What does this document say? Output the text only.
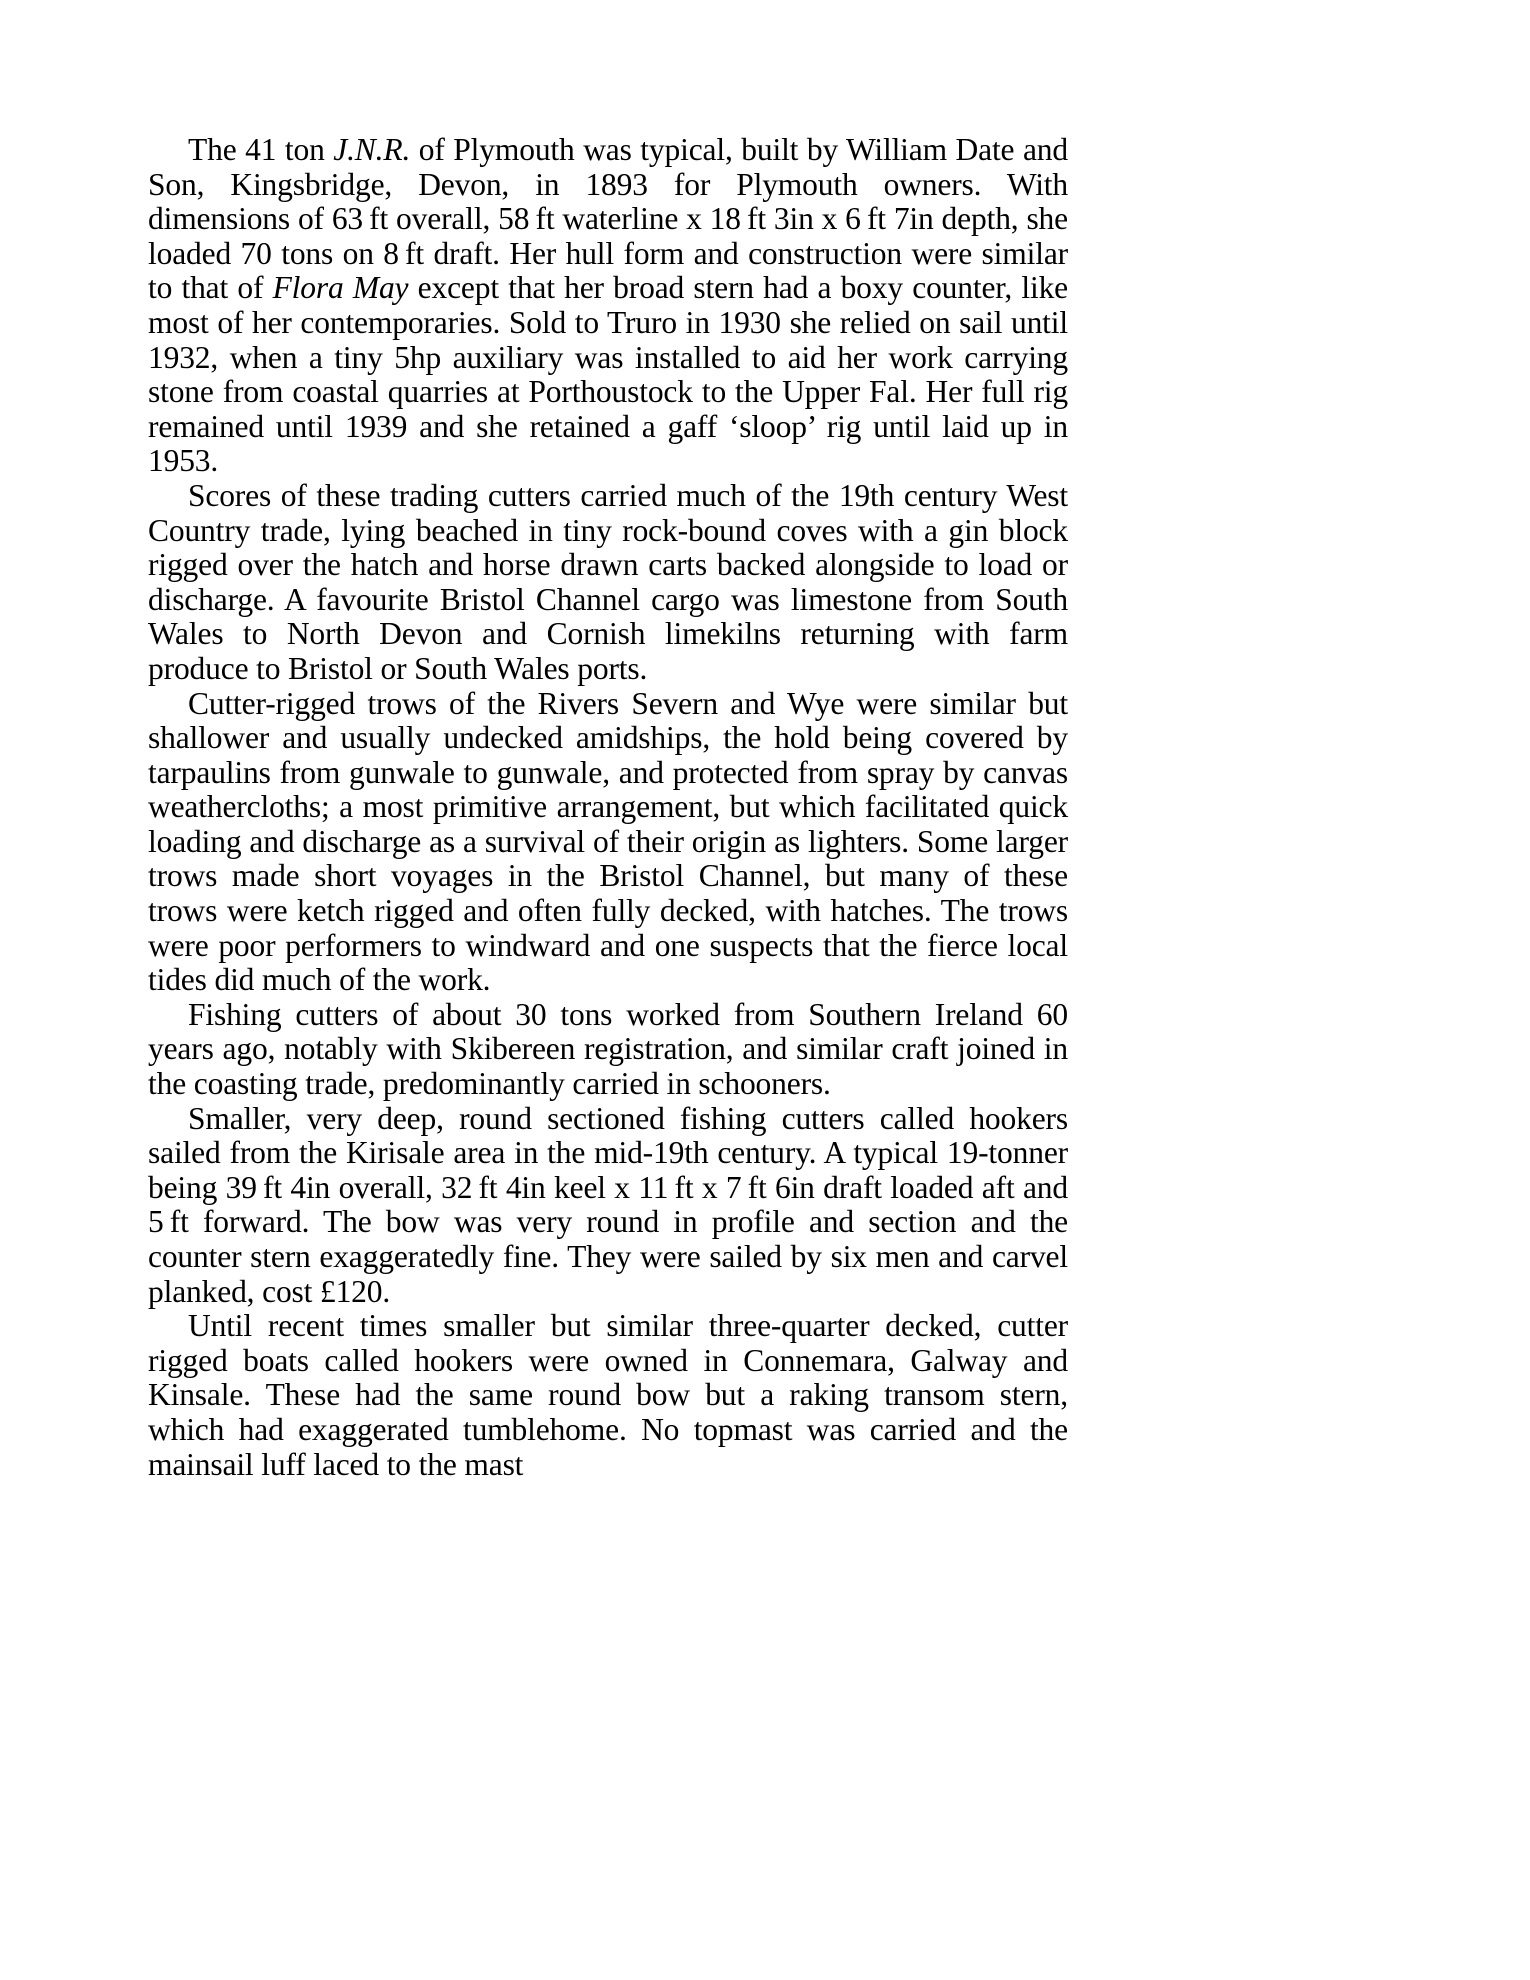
The 41 ton J.N.R. of Plymouth was typical, built by William Date and Son, Kingsbridge, Devon, in 1893 for Plymouth owners. With dimensions of 63 ft overall, 58 ft waterline x 18 ft 3in x 6 ft 7in depth, she loaded 70 tons on 8 ft draft. Her hull form and construction were similar to that of Flora May except that her broad stern had a boxy counter, like most of her contemporaries. Sold to Truro in 1930 she relied on sail until 1932, when a tiny 5hp auxiliary was installed to aid her work carrying stone from coastal quarries at Porthoustock to the Upper Fal. Her full rig remained until 1939 and she retained a gaff ‘sloop’ rig until laid up in 1953.

Scores of these trading cutters carried much of the 19th century West Country trade, lying beached in tiny rock-bound coves with a gin block rigged over the hatch and horse drawn carts backed alongside to load or discharge. A favourite Bristol Channel cargo was limestone from South Wales to North Devon and Cornish limekilns returning with farm produce to Bristol or South Wales ports.

Cutter-rigged trows of the Rivers Severn and Wye were similar but shallower and usually undecked amidships, the hold being covered by tarpaulins from gunwale to gunwale, and protected from spray by canvas weathercloths; a most primitive arrangement, but which facilitated quick loading and discharge as a survival of their origin as lighters. Some larger trows made short voyages in the Bristol Channel, but many of these trows were ketch rigged and often fully decked, with hatches. The trows were poor performers to windward and one suspects that the fierce local tides did much of the work.

Fishing cutters of about 30 tons worked from Southern Ireland 60 years ago, notably with Skibereen registration, and similar craft joined in the coasting trade, predominantly carried in schooners.

Smaller, very deep, round sectioned fishing cutters called hookers sailed from the Kirisale area in the mid-19th century. A typical 19-tonner being 39 ft 4in overall, 32 ft 4in keel x 11 ft x 7 ft 6in draft loaded aft and 5 ft forward. The bow was very round in profile and section and the counter stern exaggeratedly fine. They were sailed by six men and carvel planked, cost £120.

Until recent times smaller but similar three-quarter decked, cutter rigged boats called hookers were owned in Connemara, Galway and Kinsale. These had the same round bow but a raking transom stern, which had exaggerated tumblehome. No topmast was carried and the mainsail luff laced to the mast
